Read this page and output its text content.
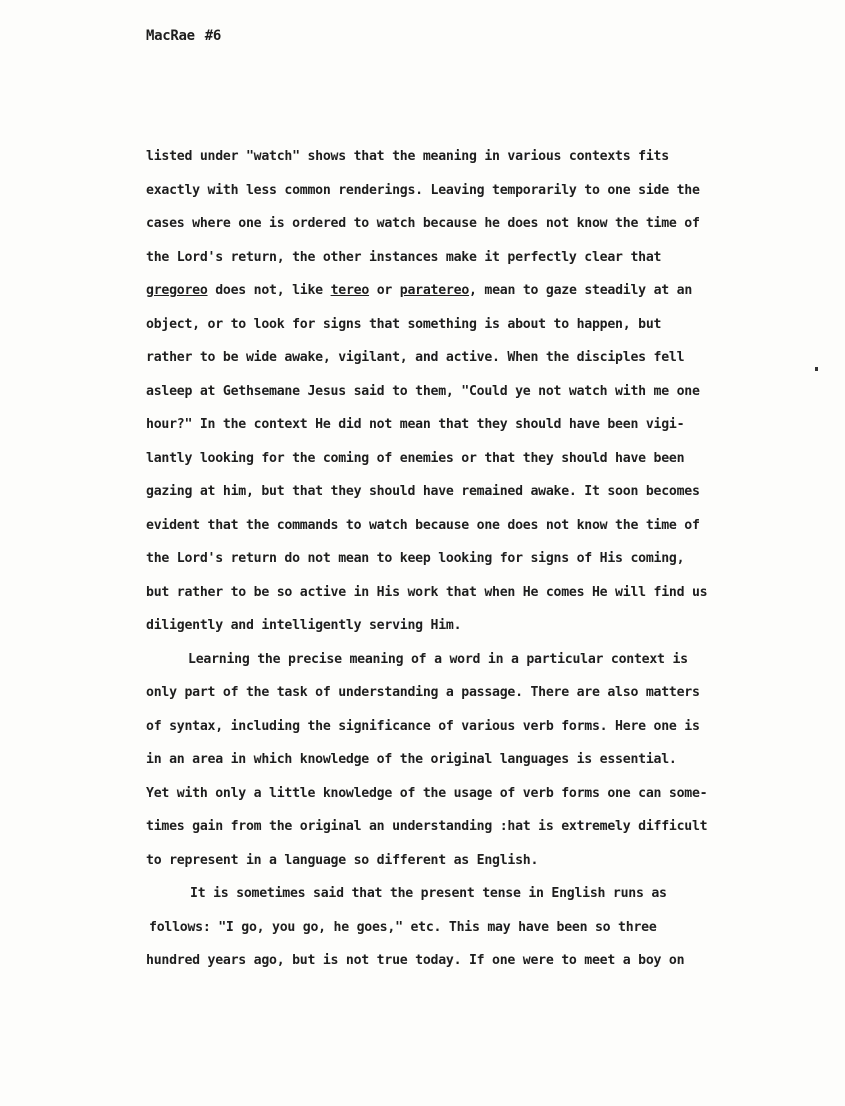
MacRae #6
listed under "watch" shows that the meaning in various contexts fits
exactly with less common renderings. Leaving temporarily to one side the
cases where one is ordered to watch because he does not know the time of
the Lord's return, the other instances make it perfectly clear that
gregoreo does not, like tereo or paratereo, mean to gaze steadily at an
object, or to look for signs that something is about to happen, but
rather to be wide awake, vigilant, and active. When the disciples fell
asleep at Gethsemane Jesus said to them, "Could ye not watch with me one
hour?" In the context He did not mean that they should have been vigi-
lantly looking for the coming of enemies or that they should have been
gazing at him, but that they should have remained awake. It soon becomes
evident that the commands to watch because one does not know the time of
the Lord's return do not mean to keep looking for signs of His coming,
but rather to be so active in His work that when He comes He will find us
diligently and intelligently serving Him.
Learning the precise meaning of a word in a particular context is
only part of the task of understanding a passage. There are also matters
of syntax, including the significance of various verb forms. Here one is
in an area in which knowledge of the original languages is essential.
Yet with only a little knowledge of the usage of verb forms one can some-
times gain from the original an understanding :hat is extremely difficult
to represent in a language so different as English.
It is sometimes said that the present tense in English runs as
follows: "I go, you go, he goes," etc. This may have been so three
hundred years ago, but is not true today. If one were to meet a boy on
